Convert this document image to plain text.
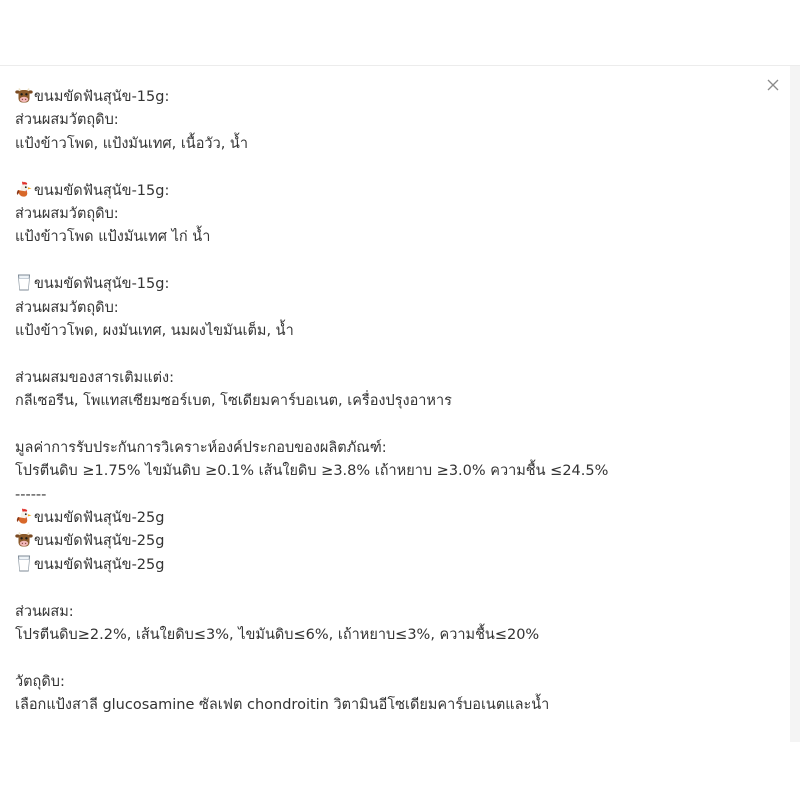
ขนมขัดฟันสุนัข-15g:
ส่วนผสมวัตถุดิบ:
แป้งข้าวโพด, แป้งมันเทศ, เนื้อวัว, น้ำ
ขนมขัดฟันสุนัข-15g:
ส่วนผสมวัตถุดิบ:
แป้งข้าวโพด แป้งมันเทศ ไก่ น้ำ
ขนมขัดฟันสุนัข-15g:
ส่วนผสมวัตถุดิบ:
แป้งข้าวโพด, ผงมันเทศ, นมผงไขมันเต็ม, น้ำ
ส่วนผสมของสารเติมแต่ง:
กลีเซอรีน, โพแทสเซียมซอร์เบต, โซเดียมคาร์บอเนต, เครื่องปรุงอาหาร
มูลค่าการรับประกันการวิเคราะห์องค์ประกอบของผลิตภัณฑ์:
โปรตีนดิบ ≥1.75% ไขมันดิบ ≥0.1% เส้นใยดิบ ≥3.8% เถ้าหยาบ ≥3.0% ความชื้น ≤24.5%
------
ขนมขัดฟันสุนัข-25g
ขนมขัดฟันสุนัข-25g
ขนมขัดฟันสุนัข-25g
ส่วนผสม:
โปรตีนดิบ≥2.2%, เส้นใยดิบ≤3%, ไขมันดิบ≤6%, เถ้าหยาบ≤3%, ความชื้น≤20%
วัตถุดิบ:
เลือกแป้งสาลี glucosamine ซัลเฟต chondroitin วิตามินอีโซเดียมคาร์บอเนตและน้ำ
